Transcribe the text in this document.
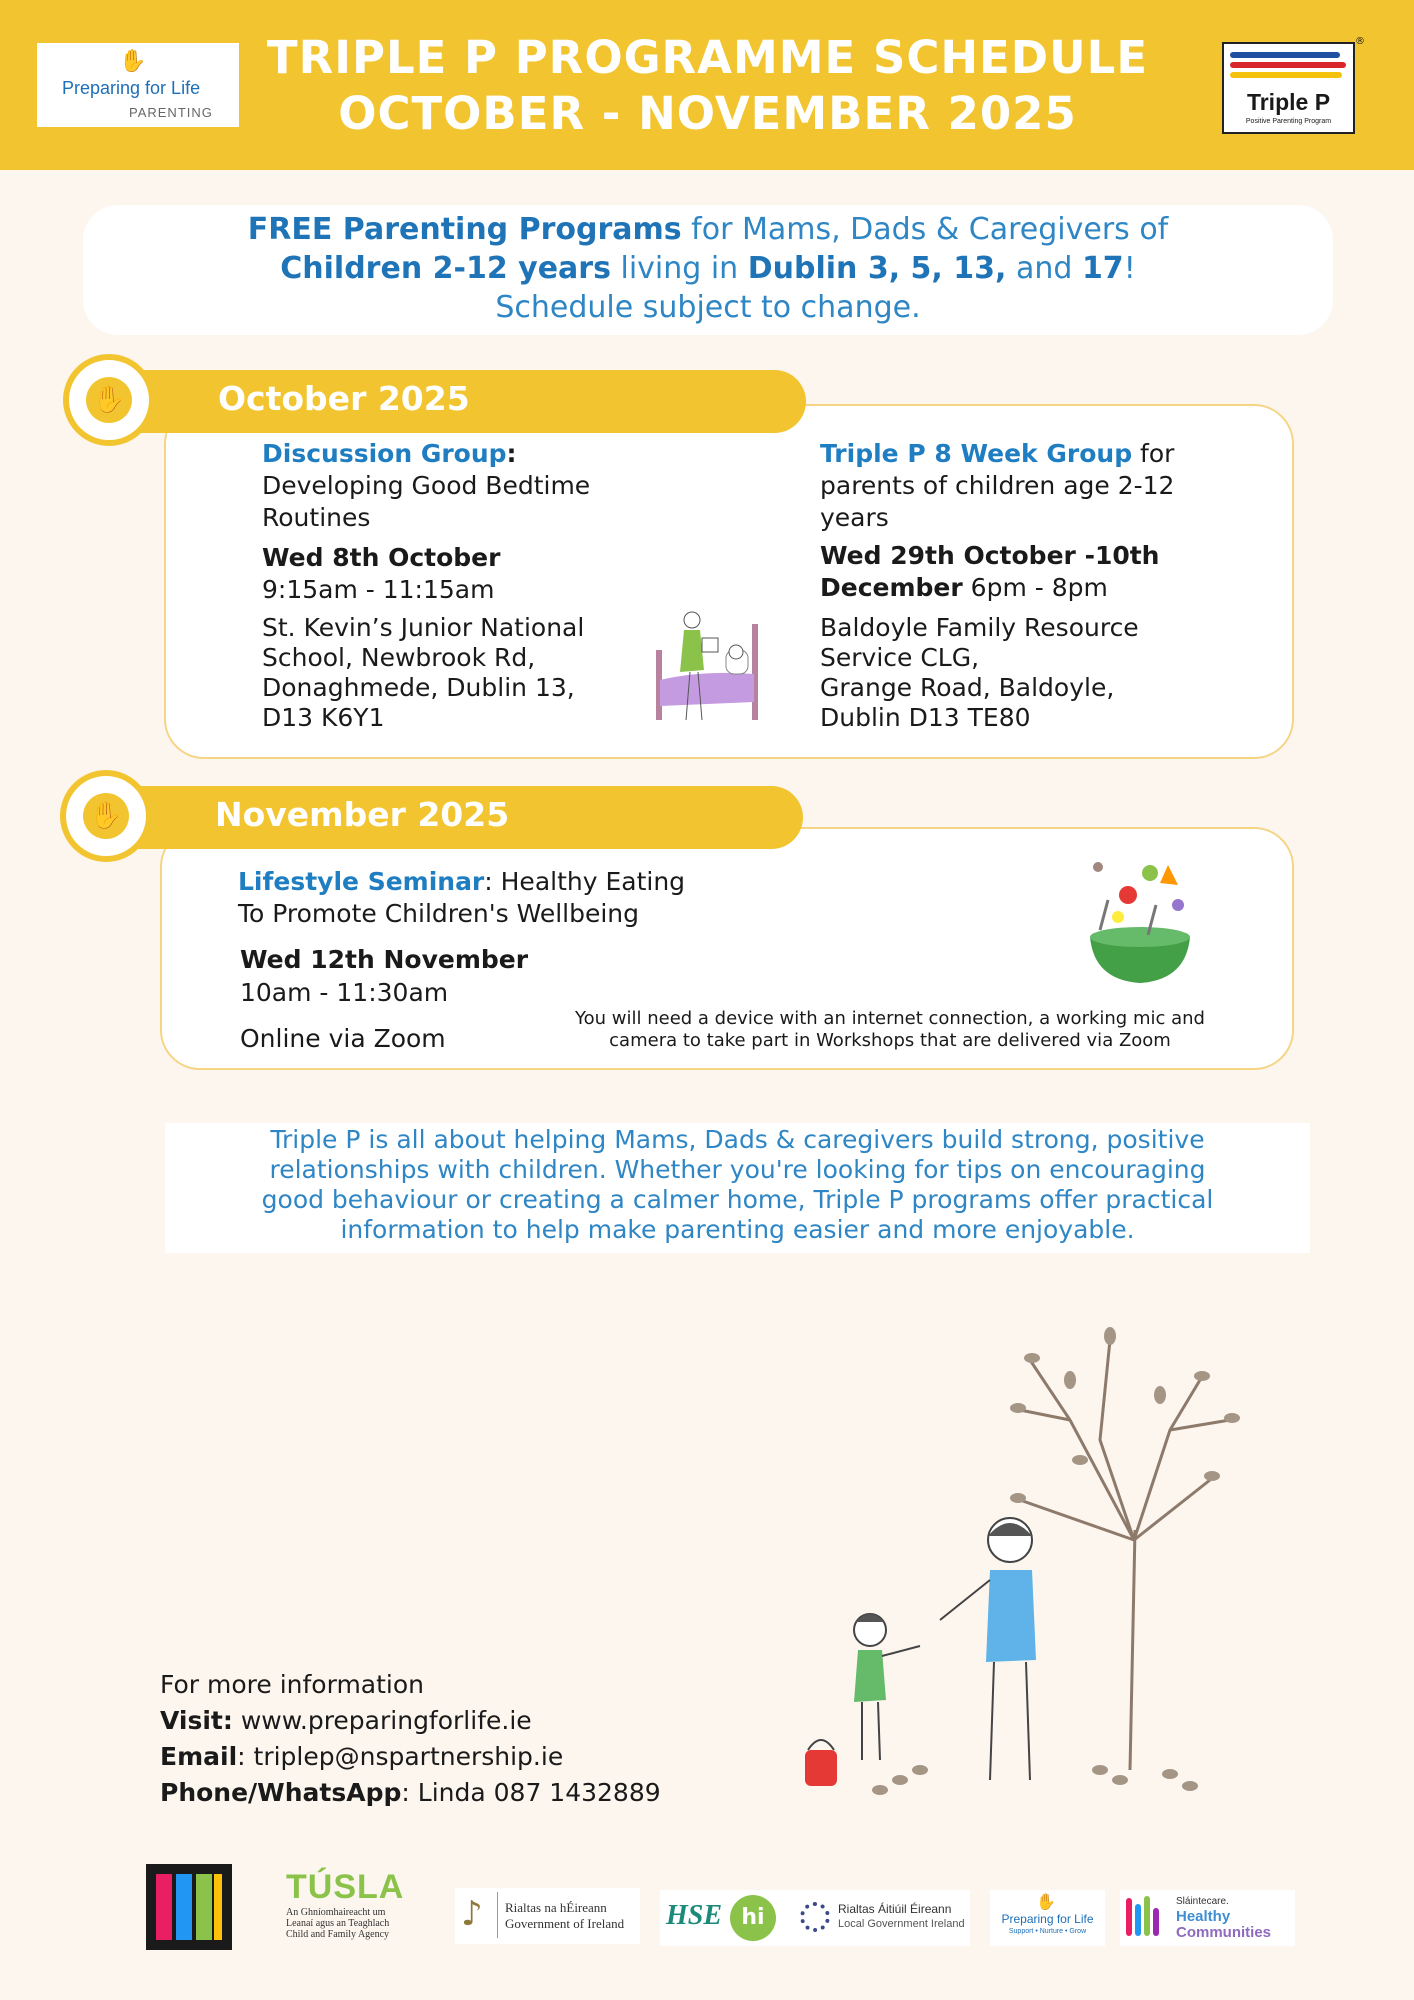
✋
Preparing for Life
PARENTING
TRIPLE P PROGRAMME SCHEDULE
OCTOBER - NOVEMBER 2025	Triple P
Positive Parenting Program
®
FREE Parenting Programs for Mams, Dads & Caregivers of
Children 2-12 years living in Dublin 3, 5, 13, and 17!
Schedule subject to change.
✋	October 2025
Discussion Group:
Developing Good Bedtime
Routines
Wed 8th October
9:15am - 11:15am
St. Kevin’s Junior National
School, Newbrook Rd,
Donaghmede, Dublin 13,
D13 K6Y1
Triple P 8 Week Group for
parents of children age 2-12
years
Wed 29th October -10th
December 6pm - 8pm
Baldoyle Family Resource
Service CLG,
Grange Road, Baldoyle,
Dublin D13 TE80
✋	November 2025
Lifestyle Seminar: Healthy Eating
To Promote Children's Wellbeing
Wed 12th November
10am - 11:30am
Online via Zoom
You will need a device with an internet connection, a working mic and
camera to take part in Workshops that are delivered via Zoom
Triple P is all about helping Mams, Dads & caregivers build strong, positive
relationships with children. Whether you're looking for tips on encouraging
good behaviour or creating a calmer home, Triple P programs offer practical
information to help make parenting easier and more enjoyable.
For more information
Visit: www.preparingforlife.ie
Email: triplep@nspartnership.ie
Phone/WhatsApp: Linda 087 1432889
TÚSLA
An Ghníomhaireacht um
Leanaí agus an Teaghlach
Child and Family Agency
♪ Rialtas na hÉireann
Government of Ireland HSE hi	Rialtas Áitiúil Éireann
Local Government Ireland
✋
Preparing for Life
Support • Nurture • Grow
Sláintecare.
Healthy
Communities
